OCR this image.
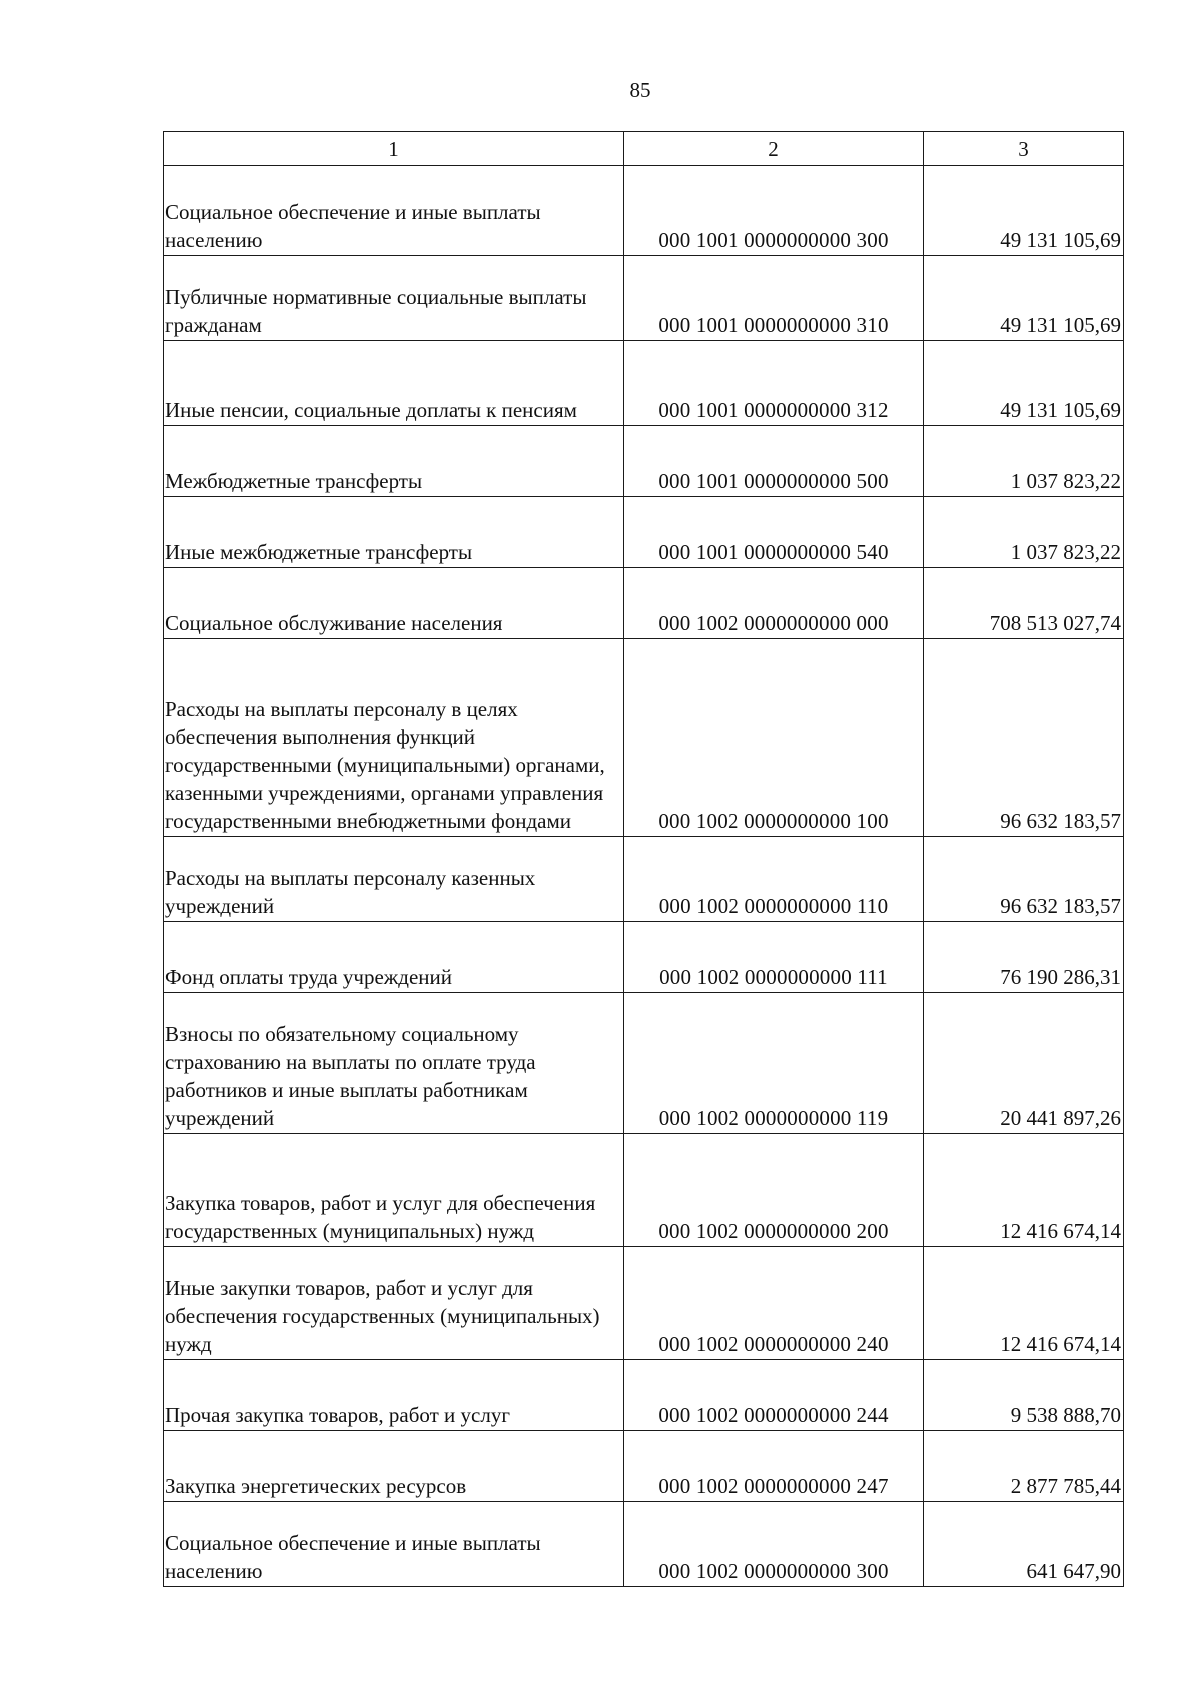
85
1	2	3
Социальное обеспечение и иные выплаты населению	000 1001 0000000000 300	49 131 105,69
Публичные нормативные социальные выплаты гражданам	000 1001 0000000000 310	49 131 105,69
Иные пенсии, социальные доплаты к пенсиям	000 1001 0000000000 312	49 131 105,69
Межбюджетные трансферты	000 1001 0000000000 500	1 037 823,22
Иные межбюджетные трансферты	000 1001 0000000000 540	1 037 823,22
Социальное обслуживание населения	000 1002 0000000000 000	708 513 027,74
Расходы на выплаты персоналу в целях обеспечения выполнения функций государственными (муниципальными) органами, казенными учреждениями, органами управления государственными внебюджетными фондами	000 1002 0000000000 100	96 632 183,57
Расходы на выплаты персоналу казенных учреждений	000 1002 0000000000 110	96 632 183,57
Фонд оплаты труда учреждений	000 1002 0000000000 111	76 190 286,31
Взносы по обязательному социальному страхованию на выплаты по оплате труда работников и иные выплаты работникам учреждений	000 1002 0000000000 119	20 441 897,26
Закупка товаров, работ и услуг для обеспечения государственных (муниципальных) нужд	000 1002 0000000000 200	12 416 674,14
Иные закупки товаров, работ и услуг для обеспечения государственных (муниципальных) нужд	000 1002 0000000000 240	12 416 674,14
Прочая закупка товаров, работ и услуг	000 1002 0000000000 244	9 538 888,70
Закупка энергетических ресурсов	000 1002 0000000000 247	2 877 785,44
Социальное обеспечение и иные выплаты населению	000 1002 0000000000 300	641 647,90
